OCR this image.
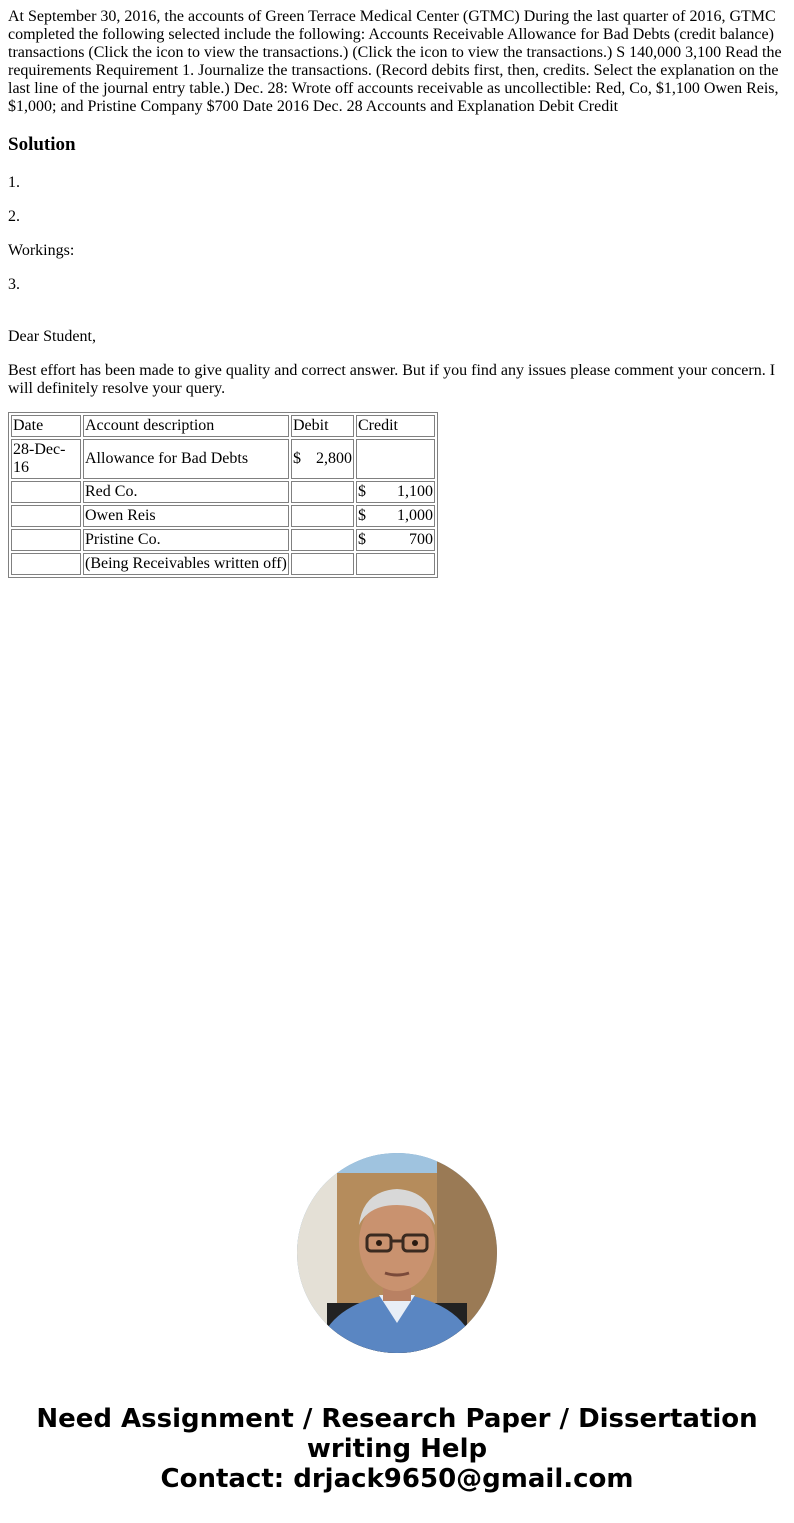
At September 30, 2016, the accounts of Green Terrace Medical Center (GTMC) During the last quarter of 2016, GTMC completed the following selected include the following: Accounts Receivable Allowance for Bad Debts (credit balance) transactions (Click the icon to view the transactions.) (Click the icon to view the transactions.) S 140,000 3,100 Read the requirements Requirement 1. Journalize the transactions. (Record debits first, then, credits. Select the explanation on the last line of the journal entry table.) Dec. 28: Wrote off accounts receivable as uncollectible: Red, Co, $1,100 Owen Reis, $1,000; and Pristine Company $700 Date 2016 Dec. 28 Accounts and Explanation Debit Credit
Solution

1.

2.

Workings:

3.

Dear Student,

Best effort has been made to give quality and correct answer. But if you find any issues please comment your concern. I will definitely resolve your query.

Date	Account description	Debit	Credit
28-Dec-16	Allowance for Bad Debts	$ 2,800	

	Red Co.		$ 1,100

	Owen Reis		$ 1,000

	Pristine Co.		$ 700

	(Being Receivables written off)	

Need Assignment / Research Paper / Dissertation
writing Help
Contact: drjack9650@gmail.com
